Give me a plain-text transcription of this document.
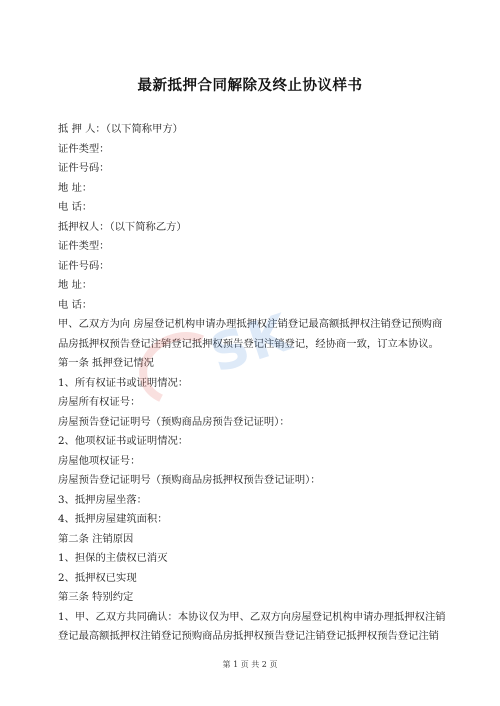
最新抵押合同解除及终止协议样书
抵 押 人：（以下简称甲方）
证件类型：
证件号码：
地 址：
电 话：
抵押权人：（以下简称乙方）
证件类型：
证件号码：
地 址：
电 话：
甲、乙双方为向 房屋登记机构申请办理抵押权注销登记最高额抵押权注销登记预购商
品房抵押权预告登记注销登记抵押权预告登记注销登记，经协商一致，订立本协议。
第一条 抵押登记情况
1、所有权证书或证明情况：
房屋所有权证号：
房屋预告登记证明号（预购商品房预告登记证明）：
2、他项权证书或证明情况：
房屋他项权证号：
房屋预告登记证明号（预购商品房抵押权预告登记证明）：
3、抵押房屋坐落：
4、抵押房屋建筑面积：
第二条 注销原因
1、担保的主债权已消灭
2、抵押权已实现
第三条 特别约定
1、甲、乙双方共同确认：本协议仅为甲、乙双方向房屋登记机构申请办理抵押权注销
登记最高额抵押权注销登记预购商品房抵押权预告登记注销登记抵押权预告登记注销
SK
第 1 页 共 2 页
